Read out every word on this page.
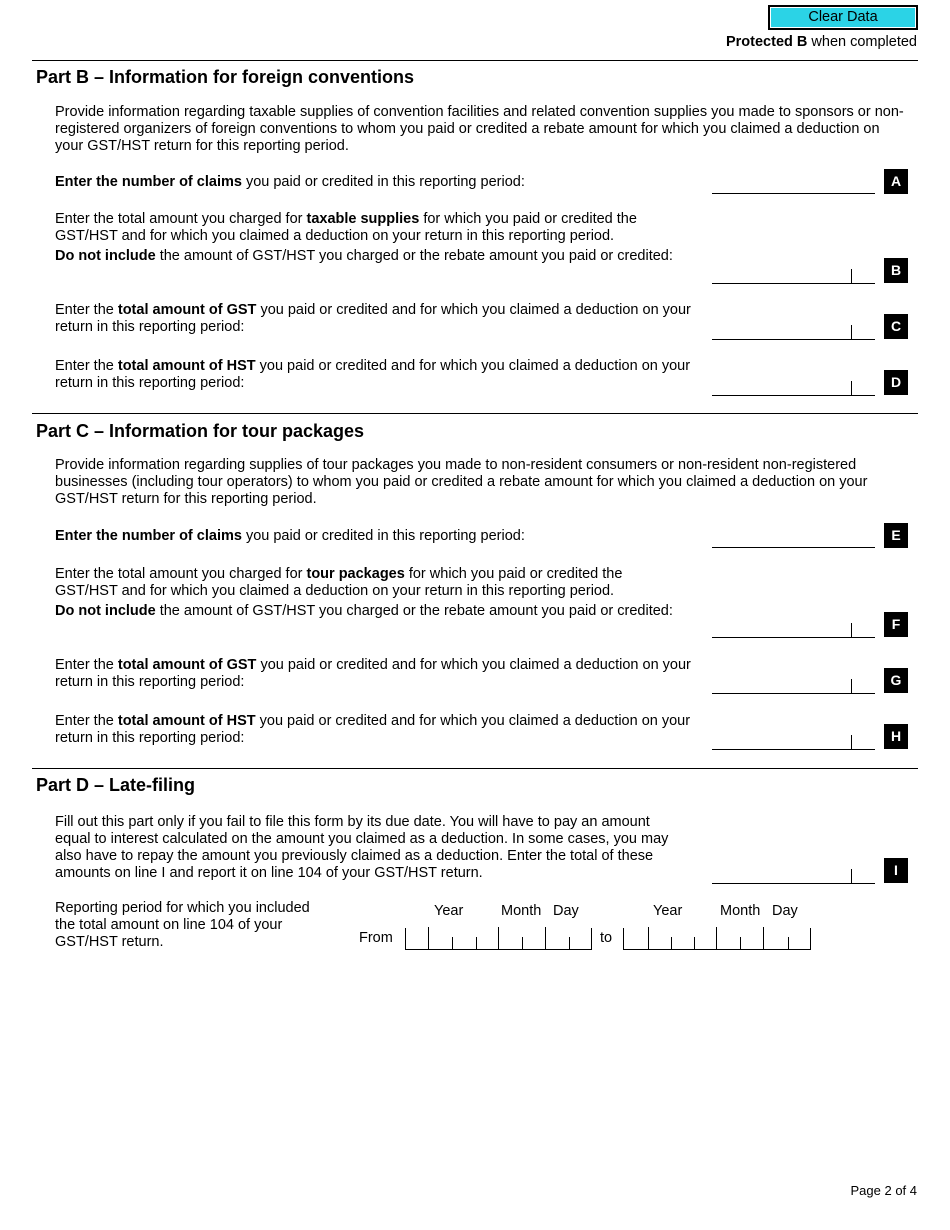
Clear Data
Protected B when completed
Part B – Information for foreign conventions
Provide information regarding taxable supplies of convention facilities and related convention supplies you made to sponsors or non-registered organizers of foreign conventions to whom you paid or credited a rebate amount for which you claimed a deduction on your GST/HST return for this reporting period.
Enter the number of claims you paid or credited in this reporting period:	A
Enter the total amount you charged for taxable supplies for which you paid or credited the GST/HST and for which you claimed a deduction on your return in this reporting period.
Do not include the amount of GST/HST you charged or the rebate amount you paid or credited:
B
Enter the total amount of GST you paid or credited and for which you claimed a deduction on your return in this reporting period:	C
Enter the total amount of HST you paid or credited and for which you claimed a deduction on your return in this reporting period:	D
Part C – Information for tour packages
Provide information regarding supplies of tour packages you made to non-resident consumers or non-resident non-registered businesses (including tour operators) to whom you paid or credited a rebate amount for which you claimed a deduction on your GST/HST return for this reporting period.
Enter the number of claims you paid or credited in this reporting period:	E
Enter the total amount you charged for tour packages for which you paid or credited the GST/HST and for which you claimed a deduction on your return in this reporting period.
Do not include the amount of GST/HST you charged or the rebate amount you paid or credited:
F
Enter the total amount of GST you paid or credited and for which you claimed a deduction on your return in this reporting period:	G
Enter the total amount of HST you paid or credited and for which you claimed a deduction on your return in this reporting period:	H
Part D – Late-filing
Fill out this part only if you fail to file this form by its due date. You will have to pay an amount equal to interest calculated on the amount you claimed as a deduction. In some cases, you may also have to repay the amount you previously claimed as a deduction. Enter the total of these amounts on line I and report it on line 104 of your GST/HST return.	I
Reporting period for which you included the total amount on line 104 of your GST/HST return.
Year	Month Day
From	to
Year	Month Day
Page 2 of 4
